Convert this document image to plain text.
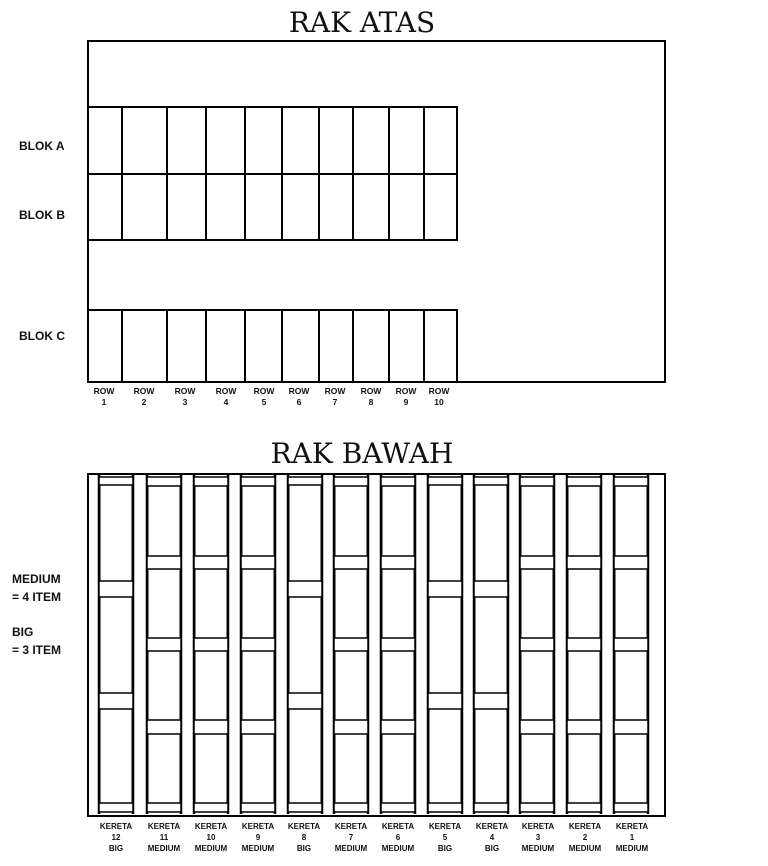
RAK ATAS
BLOK A
BLOK B
BLOK C
ROW 1
ROW 2
ROW 3
ROW 4
ROW 5
ROW 6
ROW 7
ROW 8
ROW 9
ROW 10
RAK BAWAH
MEDIUM = 4 ITEM
BIG = 3 ITEM
KERETA 12 BIG
KERETA 11 MEDIUM
KERETA 10 MEDIUM
KERETA 9 MEDIUM
KERETA 8 BIG
KERETA 7 MEDIUM
KERETA 6 MEDIUM
KERETA 5 BIG
KERETA 4 BIG
KERETA 3 MEDIUM
KERETA 2 MEDIUM
KERETA 1 MEDIUM
